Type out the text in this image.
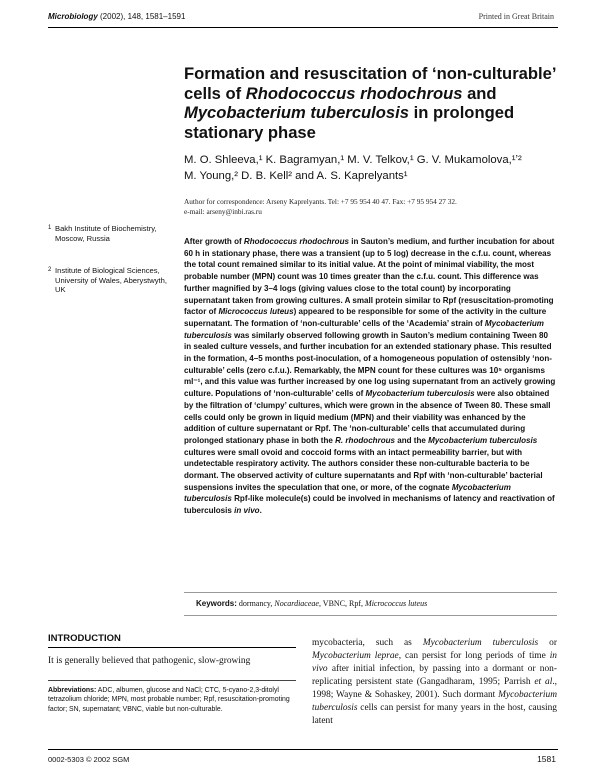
Microbiology (2002), 148, 1581–1591	Printed in Great Britain
Formation and resuscitation of ‘non-culturable’ cells of Rhodococcus rhodochrous and Mycobacterium tuberculosis in prolonged stationary phase
M. O. Shleeva,¹ K. Bagramyan,¹ M. V. Telkov,¹ G. V. Mukamolova,¹ʼ²
M. Young,² D. B. Kell² and A. S. Kaprelyants¹
Author for correspondence: Arseny Kaprelyants. Tel: +7 95 954 40 47. Fax: +7 95 954 27 32.
e-mail: arseny@inbi.ras.ru
1 Bakh Institute of Biochemistry, Moscow, Russia
2 Institute of Biological Sciences, University of Wales, Aberystwyth, UK
After growth of Rhodococcus rhodochrous in Sauton’s medium, and further incubation for about 60 h in stationary phase, there was a transient (up to 5 log) decrease in the c.f.u. count, whereas the total count remained similar to its initial value. At the point of minimal viability, the most probable number (MPN) count was 10 times greater than the c.f.u. count. This difference was further magnified by 3–4 logs (giving values close to the total count) by incorporating supernatant taken from growing cultures. A small protein similar to Rpf (resuscitation-promoting factor of Micrococcus luteus) appeared to be responsible for some of the activity in the culture supernatant. The formation of ‘non-culturable’ cells of the ‘Academia’ strain of Mycobacterium tuberculosis was similarly observed following growth in Sauton’s medium containing Tween 80 in sealed culture vessels, and further incubation for an extended stationary phase. This resulted in the formation, 4–5 months post-inoculation, of a homogeneous population of ostensibly ‘non-culturable’ cells (zero c.f.u.). Remarkably, the MPN count for these cultures was 10⁵ organisms ml⁻¹, and this value was further increased by one log using supernatant from an actively growing culture. Populations of ‘non-culturable’ cells of Mycobacterium tuberculosis were also obtained by the filtration of ‘clumpy’ cultures, which were grown in the absence of Tween 80. These small cells could only be grown in liquid medium (MPN) and their viability was enhanced by the addition of culture supernatant or Rpf. The ‘non-culturable’ cells that accumulated during prolonged stationary phase in both the R. rhodochrous and the Mycobacterium tuberculosis cultures were small ovoid and coccoid forms with an intact permeability barrier, but with undetectable respiratory activity. The authors consider these non-culturable bacteria to be dormant. The observed activity of culture supernatants and Rpf with ‘non-culturable’ bacterial suspensions invites the speculation that one, or more, of the cognate Mycobacterium tuberculosis Rpf-like molecule(s) could be involved in mechanisms of latency and reactivation of tuberculosis in vivo.
Keywords: dormancy, Nocardiaceae, VBNC, Rpf, Micrococcus luteus
INTRODUCTION
It is generally believed that pathogenic, slow-growing
Abbreviations: ADC, albumen, glucose and NaCl; CTC, 5-cyano-2,3-ditolyl tetrazolium chloride; MPN, most probable number; Rpf, resuscitation-promoting factor; SN, supernatant; VBNC, viable but non-culturable.
mycobacteria, such as Mycobacterium tuberculosis or Mycobacterium leprae, can persist for long periods of time in vivo after initial infection, by passing into a dormant or non-replicating persistent state (Gangadharam, 1995; Parrish et al., 1998; Wayne & Sohaskey, 2001). Such dormant Mycobacterium tuberculosis cells can persist for many years in the host, causing latent
0002-5303 © 2002 SGM	1581
